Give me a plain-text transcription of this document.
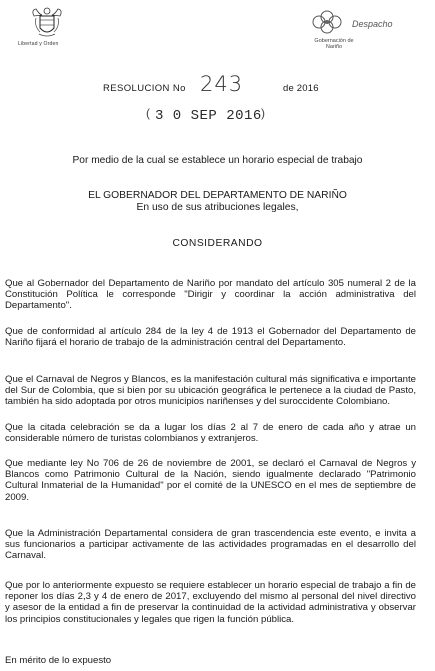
Libertad y Orden	Gobernación de Nariño
Despacho
RESOLUCION No 243	de 2016
( 3 0 SEP 2016 )
Por medio de la cual se establece un horario especial de trabajo
EL GOBERNADOR DEL DEPARTAMENTO DE NARIÑO
En uso de sus atribuciones legales,
CONSIDERANDO
Que al Gobernador del Departamento de Nariño por mandato del artículo 305 numeral 2 de la Constitución Política le corresponde "Dirigir y coordinar la acción administrativa del Departamento".
Que de conformidad al artículo 284 de la ley 4 de 1913 el Gobernador del Departamento de Nariño fijará el horario de trabajo de la administración central del Departamento.
Que el Carnaval de Negros y Blancos, es la manifestación cultural más significativa e importante del Sur de Colombia, que si bien por su ubicación geográfica le pertenece a la ciudad de Pasto, también ha sido adoptada por otros municipios nariñenses y del suroccidente Colombiano.
Que la citada celebración se da a lugar los días 2 al 7 de enero de cada año y atrae un considerable número de turistas colombianos y extranjeros.
Que mediante ley No 706 de 26 de noviembre de 2001, se declaró el Carnaval de Negros y Blancos como Patrimonio Cultural de la Nación, siendo igualmente declarado "Patrimonio Cultural Inmaterial de la Humanidad" por el comité de la UNESCO en el mes de septiembre de 2009.
Que la Administración Departamental considera de gran trascendencia este evento, e invita a sus funcionarios a participar activamente de las actividades programadas en el desarrollo del Carnaval.
Que por lo anteriormente expuesto se requiere establecer un horario especial de trabajo a fin de reponer los días 2,3 y 4 de enero de 2017, excluyendo del mismo al personal del nivel directivo y asesor de la entidad a fin de preservar la continuidad de la actividad administrativa y observar los principios constitucionales y legales que rigen la función pública.
En mérito de lo expuesto
